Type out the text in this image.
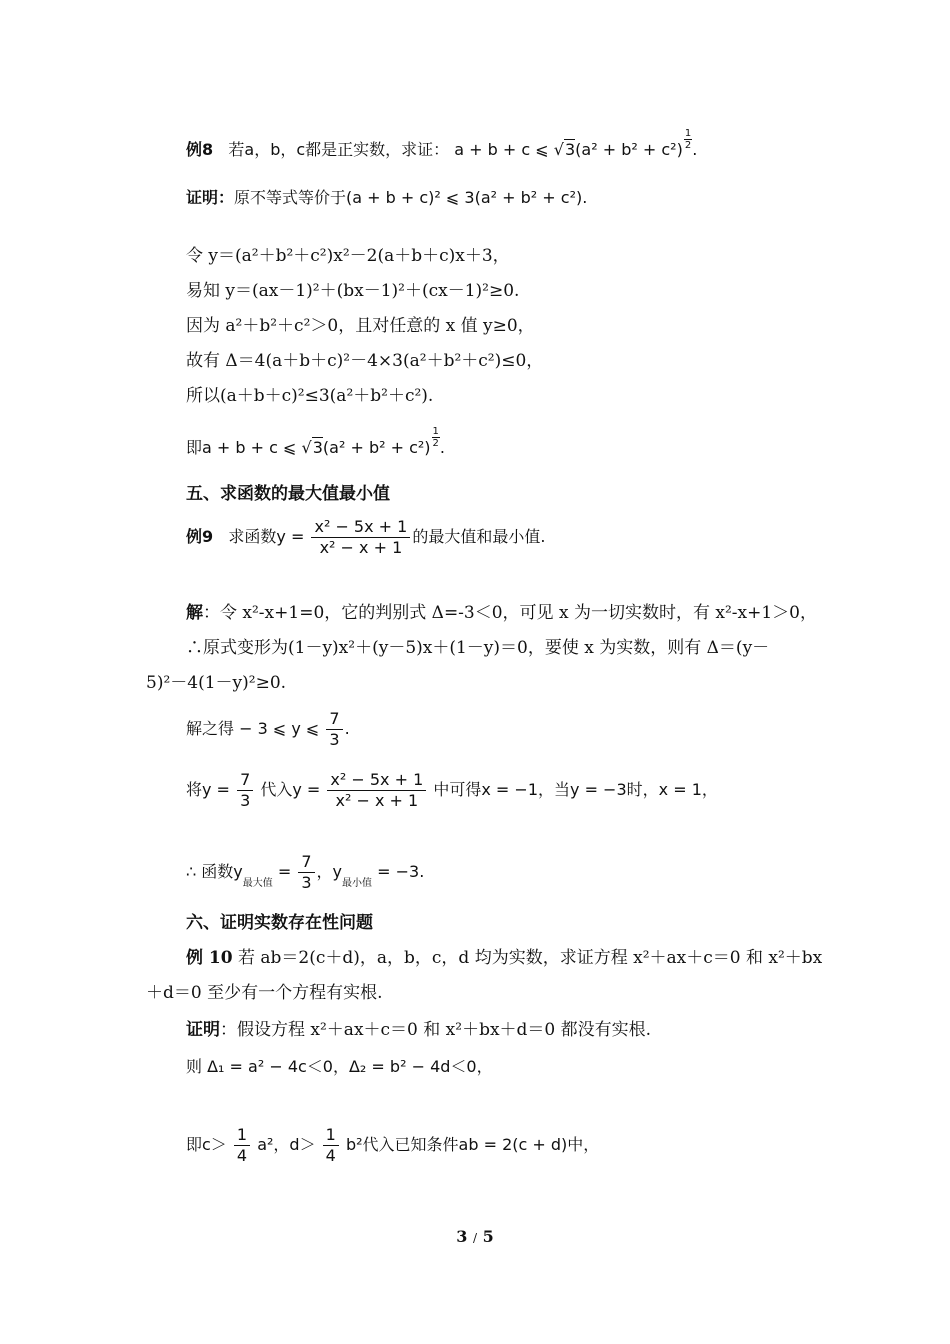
例8 若a，b，c都是正实数，求证： a + b + c ⩽ $√3(a^2 + b^2 + c^2) \frac{1}{2}$ .
证明：原不等式等价于(a + b + c)² ⩽ 3(a² + b² + c²).
令 y＝(a²＋b²＋c²)x²－2(a＋b＋c)x＋3，
易知 y＝(ax－1)²＋(bx－1)²＋(cx－1)²≥0.
因为 a²＋b²＋c²＞0，且对任意的 x 值 y≥0，
故有 Δ＝4(a＋b＋c)²－4×3(a²＋b²＋c²)≤0，
所以(a＋b＋c)²≤3(a²＋b²＋c²).
即a + b + c ⩽ $√3(a^2 + b^2 + c^2) \frac{1}{2}$ .
五、求函数的最大值最小值
例9 求函数$y = \frac{\text{x² − 5x + 1}}{\text{x² − x + 1}}$ 的最大值和最小值.
解：令 x²-x+1=0，它的判别式 Δ=-3＜0，可见 x 为一切实数时，有 x²-x+1＞0，
∴原式变形为(1－y)x²＋(y－5)x＋(1－y)＝0，要使 x 为实数，则有 Δ＝(y－
5)²－4(1－y)²≥0.
解之得 − 3 ⩽ y ⩽ $\frac{7}{3}$ .
将$y = \frac{7}{3}$ 代入$y = \frac{\text{x² − 5x + 1}}{\text{x² − x + 1}}$ 中可得x = −1，当y = −3时，x = 1，
∴ 函数$y_{最大值} = \frac{7}{3}$ ，$y_{最小值} = -3$.
六、证明实数存在性问题
例 10 若 ab＝2(c＋d)，a，b，c，d 均为实数，求证方程 x²＋ax＋c＝0 和 x²＋bx
＋d＝0 至少有一个方程有实根.
证明：假设方程 x²＋ax＋c＝0 和 x²＋bx＋d＝0 都没有实根.
则 Δ₁ = a² − 4c＜0，Δ₂ = b² − 4d＜0，
即$c> \frac{1}{4} a^2$，$d> \frac{1}{4} b^2$代入已知条件ab = 2(c + d)中，
3 / 5
